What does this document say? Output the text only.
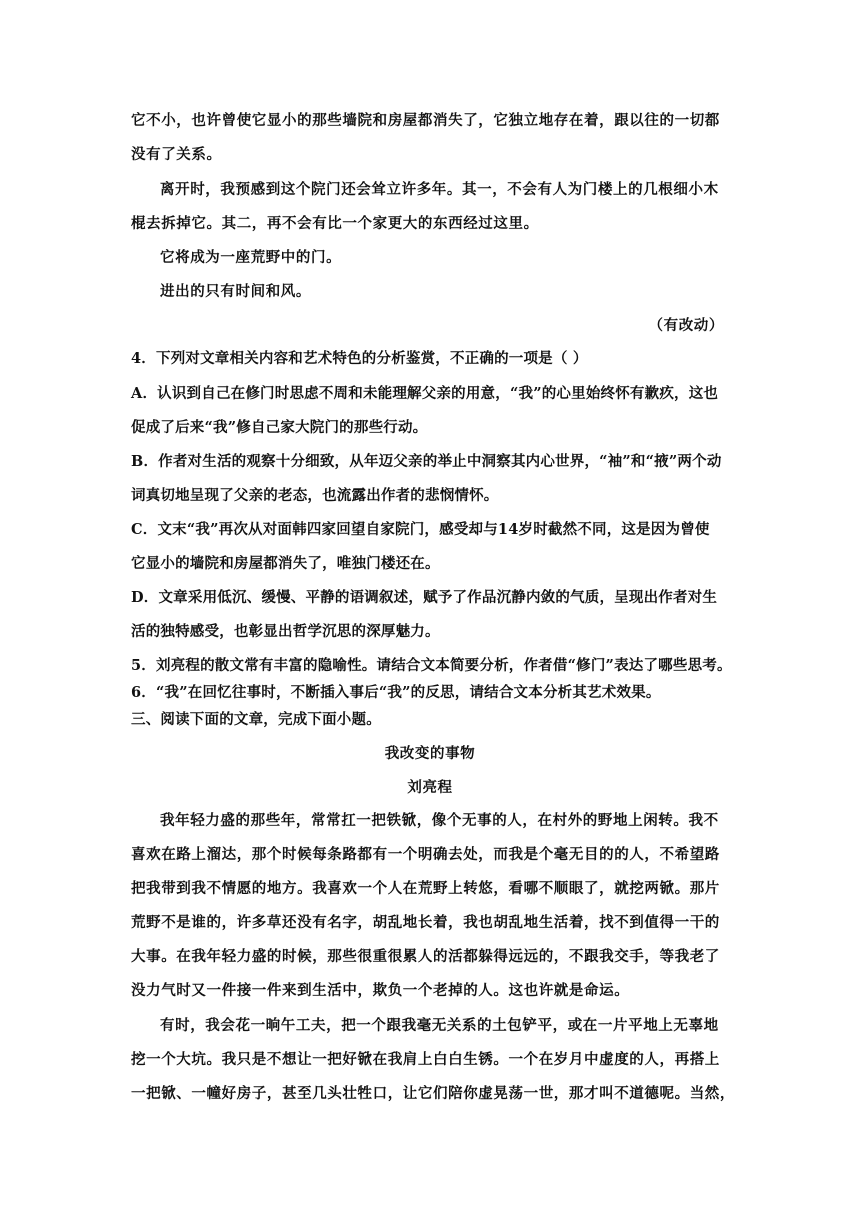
它不小，也许曾使它显小的那些墙院和房屋都消失了，它独立地存在着，跟以往的一切都
没有了关系。
离开时，我预感到这个院门还会耸立许多年。其一，不会有人为门楼上的几根细小木
棍去拆掉它。其二，再不会有比一个家更大的东西经过这里。
它将成为一座荒野中的门。
进出的只有时间和风。
（有改动）
4．下列对文章相关内容和艺术特色的分析鉴赏，不正确的一项是（ ）
A．认识到自己在修门时思虑不周和未能理解父亲的用意，“我”的心里始终怀有歉疚，这也
促成了后来“我”修自己家大院门的那些行动。
B．作者对生活的观察十分细致，从年迈父亲的举止中洞察其内心世界，“袖”和“掖”两个动
词真切地呈现了父亲的老态，也流露出作者的悲悯情怀。
C．文末“我”再次从对面韩四家回望自家院门，感受却与14岁时截然不同，这是因为曾使
它显小的墙院和房屋都消失了，唯独门楼还在。
D．文章采用低沉、缓慢、平静的语调叙述，赋予了作品沉静内敛的气质，呈现出作者对生
活的独特感受，也彰显出哲学沉思的深厚魅力。
5．刘亮程的散文常有丰富的隐喻性。请结合文本简要分析，作者借“修门”表达了哪些思考。
6．“我”在回忆往事时，不断插入事后“我”的反思，请结合文本分析其艺术效果。
三、阅读下面的文章，完成下面小题。
我改变的事物
刘亮程
我年轻力盛的那些年，常常扛一把铁锨，像个无事的人，在村外的野地上闲转。我不
喜欢在路上溜达，那个时候每条路都有一个明确去处，而我是个毫无目的的人，不希望路
把我带到我不情愿的地方。我喜欢一个人在荒野上转悠，看哪不顺眼了，就挖两锨。那片
荒野不是谁的，许多草还没有名字，胡乱地长着，我也胡乱地生活着，找不到值得一干的
大事。在我年轻力盛的时候，那些很重很累人的活都躲得远远的，不跟我交手，等我老了
没力气时又一件接一件来到生活中，欺负一个老掉的人。这也许就是命运。
有时，我会花一晌午工夫，把一个跟我毫无关系的土包铲平，或在一片平地上无辜地
挖一个大坑。我只是不想让一把好锨在我肩上白白生锈。一个在岁月中虚度的人，再搭上
一把锨、一幢好房子，甚至几头壮牲口，让它们陪你虚晃荡一世，那才叫不道德呢。当然，
